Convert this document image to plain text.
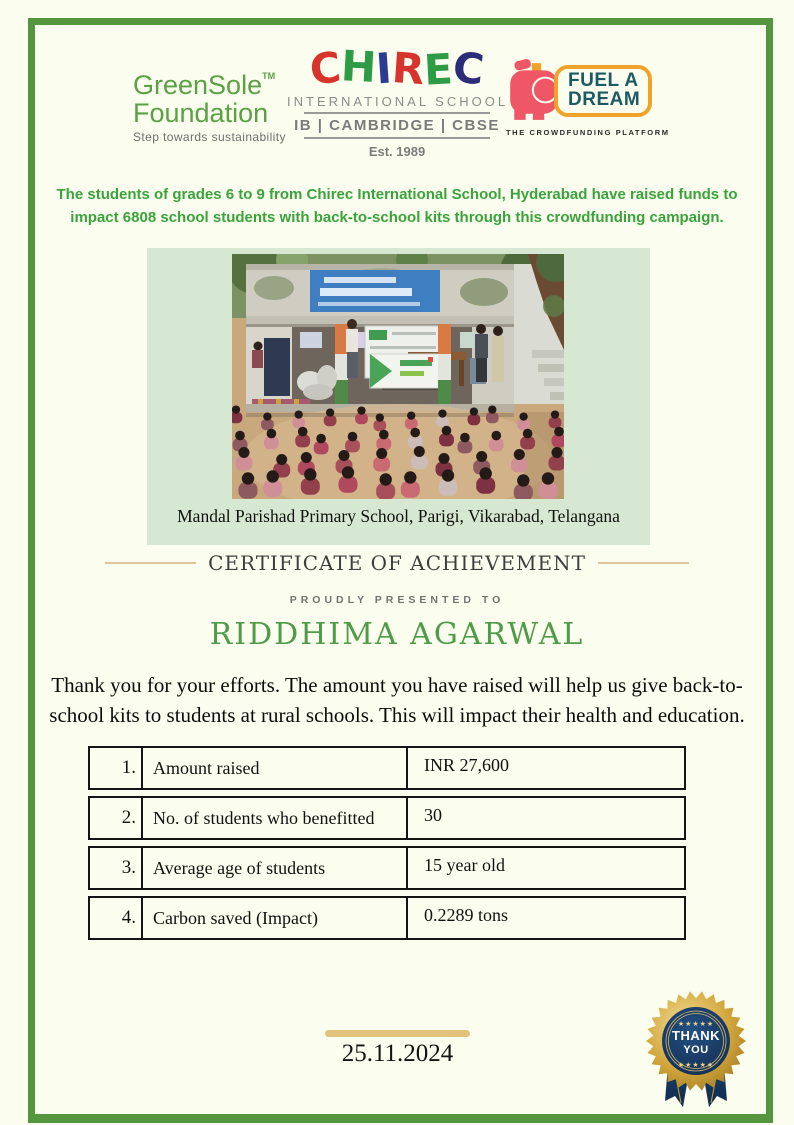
GreenSole™
Foundation
Step towards sustainability
CHIREC
INTERNATIONAL SCHOOL
IB | CAMBRIDGE | CBSE
Est. 1989
FUEL A
DREAM
THE CROWDFUNDING PLATFORM
The students of grades 6 to 9 from Chirec International School, Hyderabad have raised funds to impact 6808 school students with back-to-school kits through this crowdfunding campaign.
Mandal Parishad Primary School, Parigi, Vikarabad, Telangana
CERTIFICATE OF ACHIEVEMENT
PROUDLY PRESENTED TO
RIDDHIMA AGARWAL
Thank you for your efforts. The amount you have raised will help us give back-to-school kits to students at rural schools. This will impact their health and education.
1. Amount raised	INR 27,600
2. No. of students who benefitted	30
3. Average age of students	15 year old
4. Carbon saved (Impact)	0.2289 tons
25.11.2024
★★★★★
THANK
YOU
★★★★★
